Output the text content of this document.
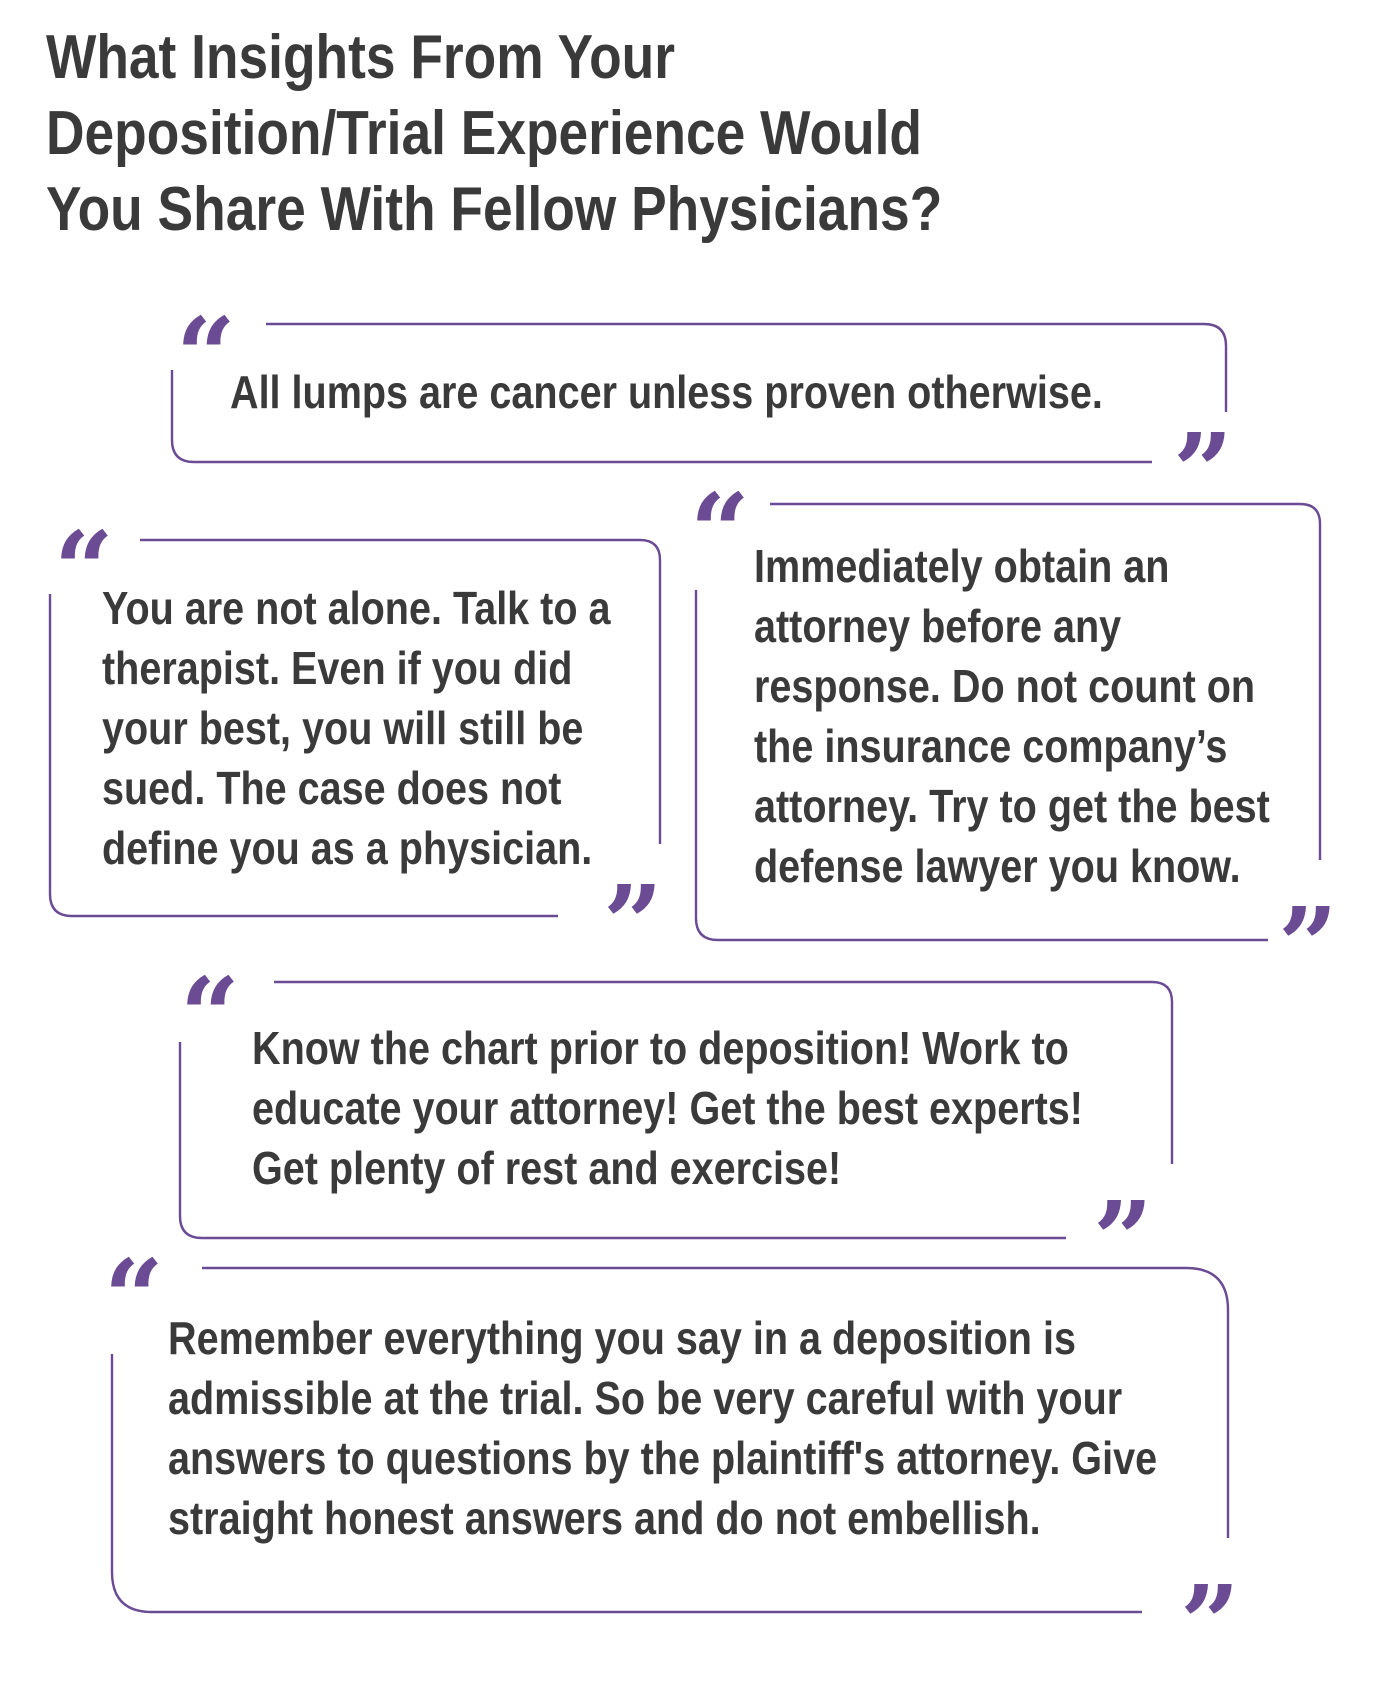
What Insights From Your Deposition/Trial Experience Would You Share With Fellow Physicians?
“

All lumps are cancer unless proven otherwise.

”
“

You are not alone. Talk to a therapist. Even if you did your best, you will still be sued. The case does not define you as a physician.

”
“ Immediately obtain an attorney before any response. Do not count on the insurance company’s attorney. Try to get the best defense lawyer you know.

”
“ Know the chart prior to deposition! Work to educate your attorney! Get the best experts! Get plenty of rest and exercise!

”
“ Remember everything you say in a deposition is admissible at the trial. So be very careful with your answers to questions by the plaintiff's attorney. Give straight honest answers and do not embellish.

”
